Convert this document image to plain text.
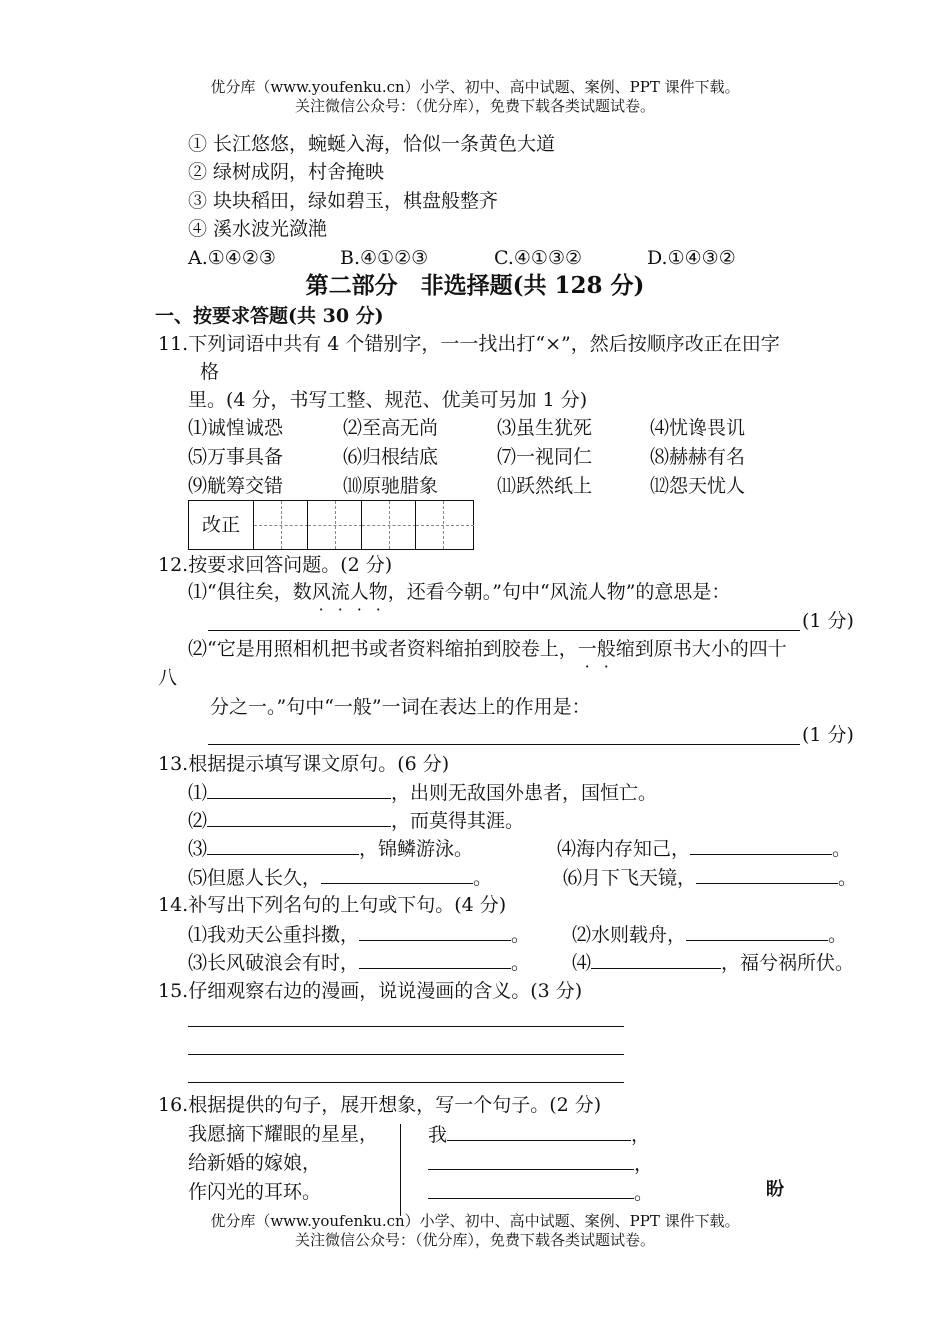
优分库（www.youfenku.cn）小学、初中、高中试题、案例、PPT 课件下载。
关注微信公众号：（优分库），免费下载各类试题试卷。
① 长江悠悠，蜿蜒入海，恰似一条黄色大道
② 绿树成阴，村舍掩映
③ 块块稻田，绿如碧玉，棋盘般整齐
④ 溪水波光潋滟
A.①④②③	B.④①②③	C.④①③②	D.①④③②
第二部分　非选择题(共 128 分)
一、按要求答题(共 30 分)
11.下列词语中共有 4 个错别字，一一找出打“×”，然后按顺序改正在田字
格
里。(4 分，书写工整、规范、优美可另加 1 分)
⑴诚惶诚恐	⑵至高无尚	⑶虽生犹死	⑷忧谗畏讥
⑸万事具备	⑹归根结底	⑺一视同仁	⑻赫赫有名
⑼觥筹交错	⑽原驰腊象	⑾跃然纸上	⑿怨天忧人
改正
12.按要求回答问题。(2 分)
⑴“俱往矣，数风流人物，还看今朝。”句中“风流人物”的意思是：
(1 分)
⑵“它是用照相机把书或者资料缩拍到胶卷上，一般缩到原书大小的四十
八
分之一。”句中“一般”一词在表达上的作用是：
(1 分)
13.根据提示填写课文原句。(6 分)
⑴	，出则无敌国外患者，国恒亡。
⑵	，而莫得其涯。
⑶	，锦鳞游泳。	⑷海内存知己，	。
⑸但愿人长久，	。	⑹月下飞天镜，	。
14.补写出下列名句的上句或下句。(4 分)
⑴我劝天公重抖擞，	。 ⑵水则载舟，	。
⑶长风破浪会有时，	。 ⑷	，福兮祸所伏。
15.仔细观察右边的漫画，说说漫画的含义。(3 分)
16.根据提供的句子，展开想象，写一个句子。(2 分)
我愿摘下耀眼的星星，
给新婚的嫁娘，
作闪光的耳环。
我	，
，
。	盼
优分库（www.youfenku.cn）小学、初中、高中试题、案例、PPT 课件下载。
关注微信公众号：（优分库），免费下载各类试题试卷。
